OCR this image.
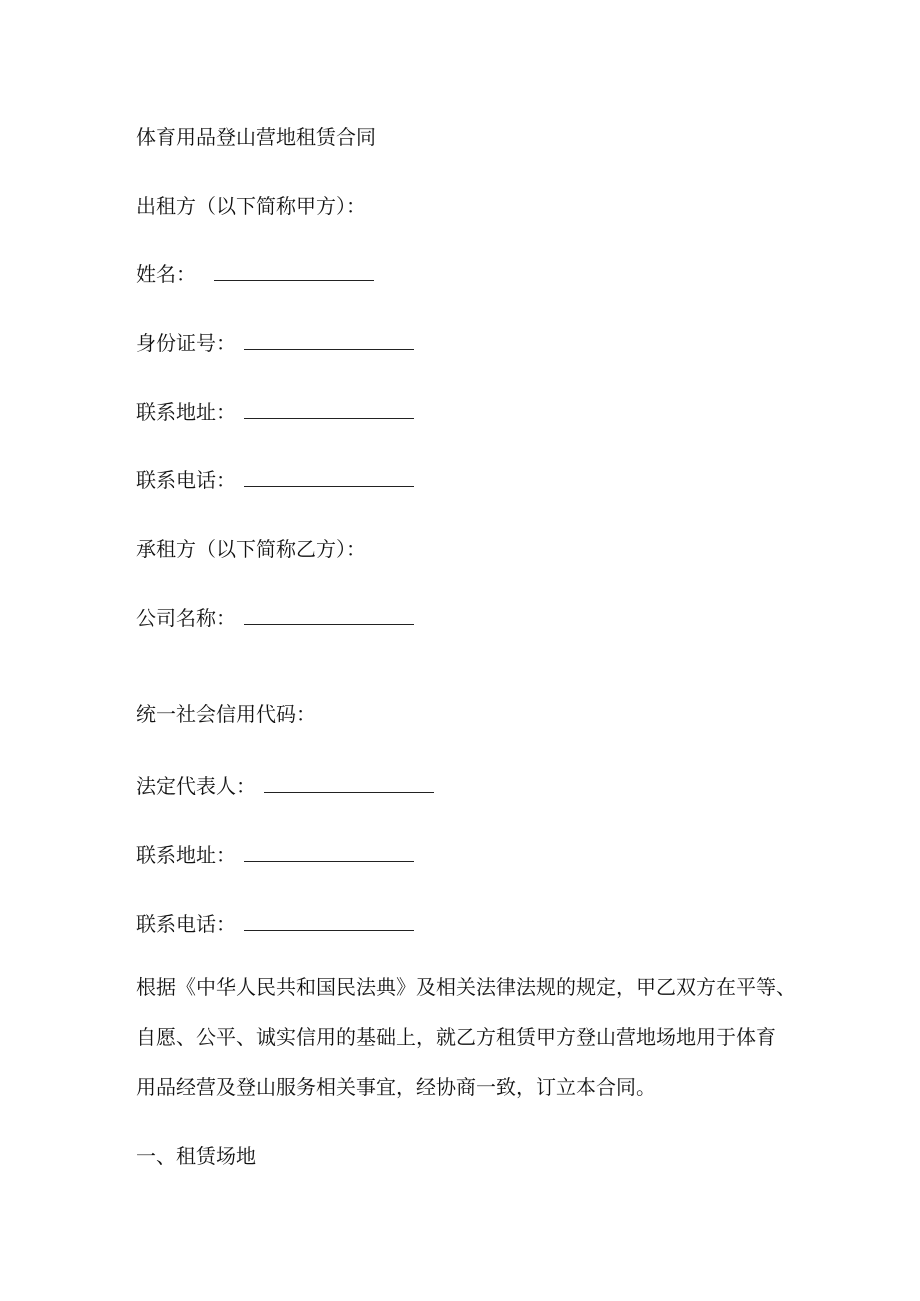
体育用品登山营地租赁合同
出租方（以下简称甲方）：
姓名：
身份证号：
联系地址：
联系电话：
承租方（以下简称乙方）：
公司名称：
统一社会信用代码：
法定代表人：
联系地址：
联系电话：
根据《中华人民共和国民法典》及相关法律法规的规定，甲乙双方在平等、
自愿、公平、诚实信用的基础上，就乙方租赁甲方登山营地场地用于体育
用品经营及登山服务相关事宜，经协商一致，订立本合同。
一、租赁场地
